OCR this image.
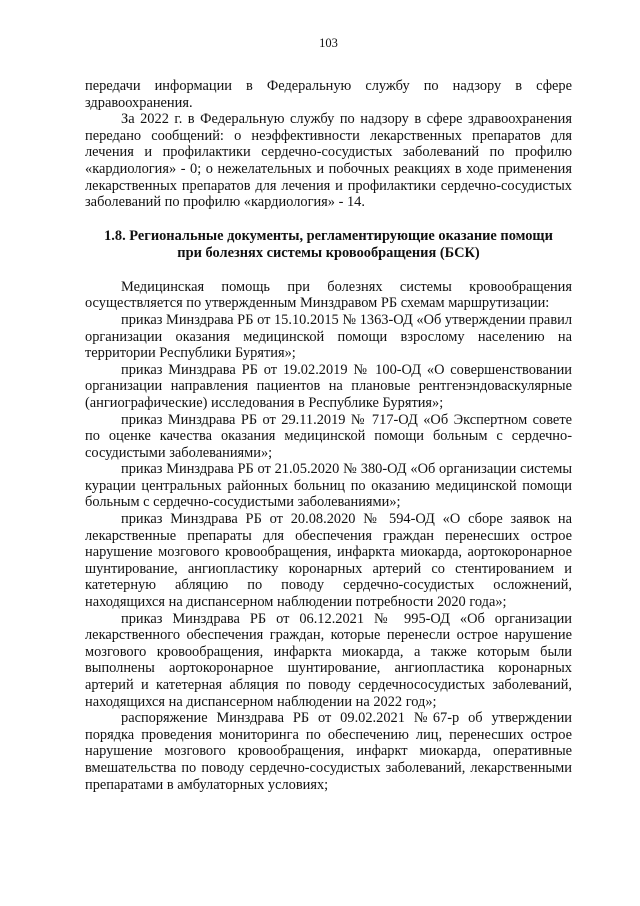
103

передачи информации в Федеральную службу по надзору в сфере здравоохранения.

За 2022 г. в Федеральную службу по надзору в сфере здравоохранения передано сообщений: о неэффективности лекарственных препаратов для лечения и профилактики сердечно-сосудистых заболеваний по профилю «кардиология» - 0; о нежелательных и побочных реакциях в ходе применения лекарственных препаратов для лечения и профилактики сердечно-сосудистых заболеваний по профилю «кардиология» - 14.

1.8. Региональные документы, регламентирующие оказание помощи
при болезнях системы кровообращения (БСК)

Медицинская помощь при болезнях системы кровообращения осуществляется по утвержденным Минздравом РБ схемам маршрутизации:

приказ Минздрава РБ от 15.10.2015 № 1363-ОД «Об утверждении правил организации оказания медицинской помощи взрослому населению на территории Республики Бурятия»;

приказ Минздрава РБ от 19.02.2019 № 100-ОД «О совершенствовании организации направления пациентов на плановые рентгенэндоваскулярные (ангиографические) исследования в Республике Бурятия»;

приказ Минздрава РБ от 29.11.2019 № 717-ОД «Об Экспертном совете по оценке качества оказания медицинской помощи больным с сердечно-сосудистыми заболеваниями»;

приказ Минздрава РБ от 21.05.2020 № 380-ОД «Об организации системы курации центральных районных больниц по оказанию медицинской помощи больным с сердечно-сосудистыми заболеваниями»;

приказ Минздрава РБ от 20.08.2020 № 594-ОД «О сборе заявок на лекарственные препараты для обеспечения граждан перенесших острое нарушение мозгового кровообращения, инфаркта миокарда, аортокоронарное шунтирование, ангиопластику коронарных артерий со стентированием и катетерную абляцию по поводу сердечно-сосудистых осложнений, находящихся на диспансерном наблюдении потребности 2020 года»;

приказ Минздрава РБ от 06.12.2021 № 995-ОД «Об организации лекарственного обеспечения граждан, которые перенесли острое нарушение мозгового кровообращения, инфаркта миокарда, а также которым были выполнены аортокоронарное шунтирование, ангиопластика коронарных артерий и катетерная абляция по поводу сердечнососудистых заболеваний, находящихся на диспансерном наблюдении на 2022 год»;

распоряжение Минздрава РБ от 09.02.2021 №67-р об утверждении порядка проведения мониторинга по обеспечению лиц, перенесших острое нарушение мозгового кровообращения, инфаркт миокарда, оперативные вмешательства по поводу сердечно-сосудистых заболеваний, лекарственными препаратами в амбулаторных условиях;
